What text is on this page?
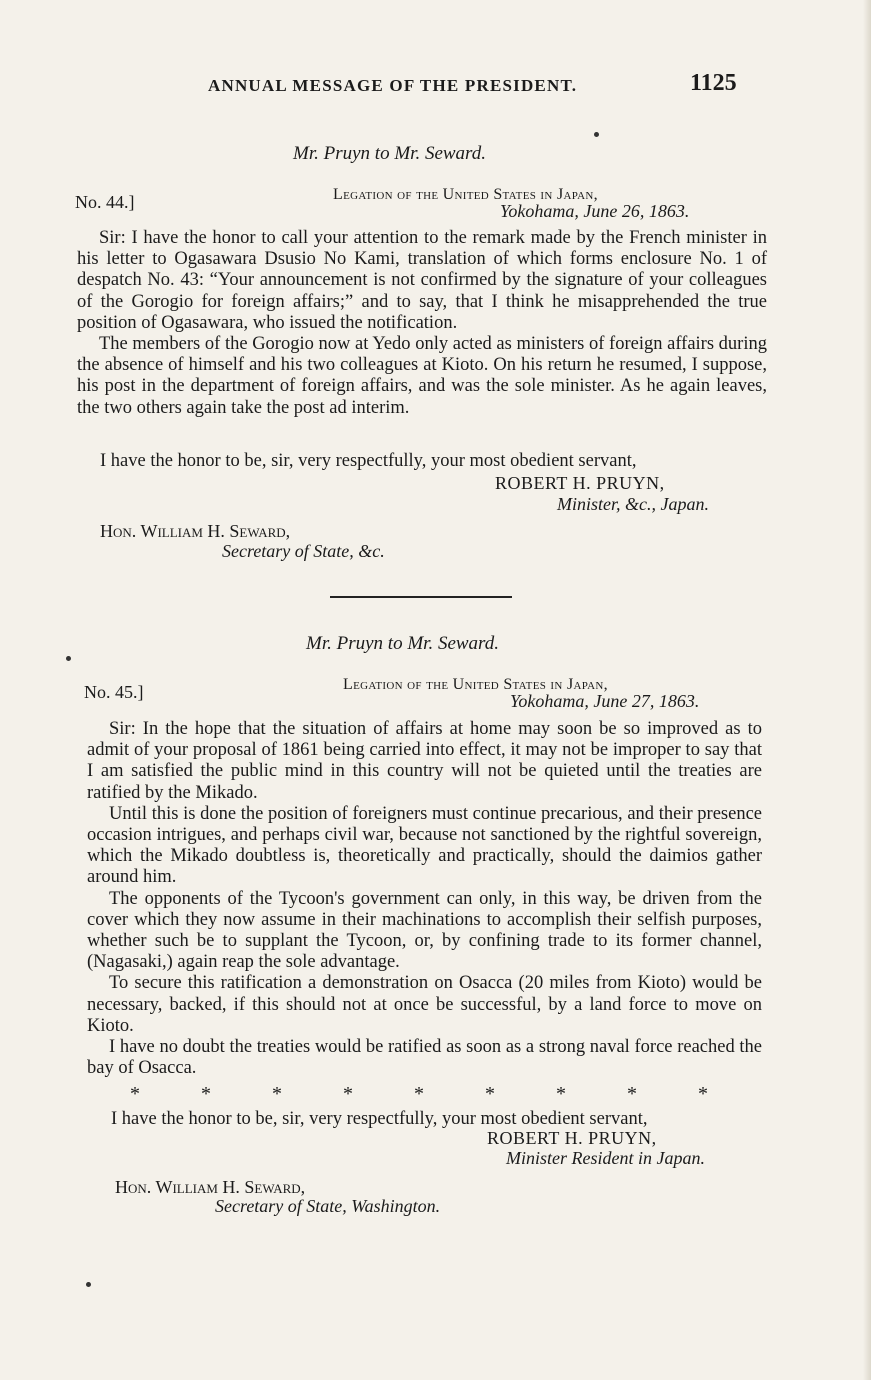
ANNUAL MESSAGE OF THE PRESIDENT.	1125
Mr. Pruyn to Mr. Seward.
No. 44.]	Legation of the United States in Japan,
Yokohama, June 26, 1863.

Sir: I have the honor to call your attention to the remark made by the French minister in his letter to Ogasawara Dsusio No Kami, translation of which forms enclosure No. 1 of despatch No. 43: “Your announcement is not confirmed by the signature of your colleagues of the Gorogio for foreign affairs;” and to say, that I think he misapprehended the true position of Ogasawara, who issued the notification.

The members of the Gorogio now at Yedo only acted as ministers of foreign affairs during the absence of himself and his two colleagues at Kioto. On his return he resumed, I suppose, his post in the department of foreign affairs, and was the sole minister. As he again leaves, the two others again take the post ad interim.

I have the honor to be, sir, very respectfully, your most obedient servant,
ROBERT H. PRUYN,
Minister, &c., Japan.
Hon. William H. Seward,
Secretary of State, &c.
Mr. Pruyn to Mr. Seward.
No. 45.]	Legation of the United States in Japan,
Yokohama, June 27, 1863.

Sir: In the hope that the situation of affairs at home may soon be so improved as to admit of your proposal of 1861 being carried into effect, it may not be improper to say that I am satisfied the public mind in this country will not be quieted until the treaties are ratified by the Mikado.

Until this is done the position of foreigners must continue precarious, and their presence occasion intrigues, and perhaps civil war, because not sanctioned by the rightful sovereign, which the Mikado doubtless is, theoretically and practically, should the daimios gather around him.

The opponents of the Tycoon's government can only, in this way, be driven from the cover which they now assume in their machinations to accomplish their selfish purposes, whether such be to supplant the Tycoon, or, by confining trade to its former channel, (Nagasaki,) again reap the sole advantage.

To secure this ratification a demonstration on Osacca (20 miles from Kioto) would be necessary, backed, if this should not at once be successful, by a land force to move on Kioto.

I have no doubt the treaties would be ratified as soon as a strong naval force reached the bay of Osacca.

*	*	*	*	*	*	*	*	*
I have the honor to be, sir, very respectfully, your most obedient servant,
ROBERT H. PRUYN,
Minister Resident in Japan.
Hon. William H. Seward,
Secretary of State, Washington.
